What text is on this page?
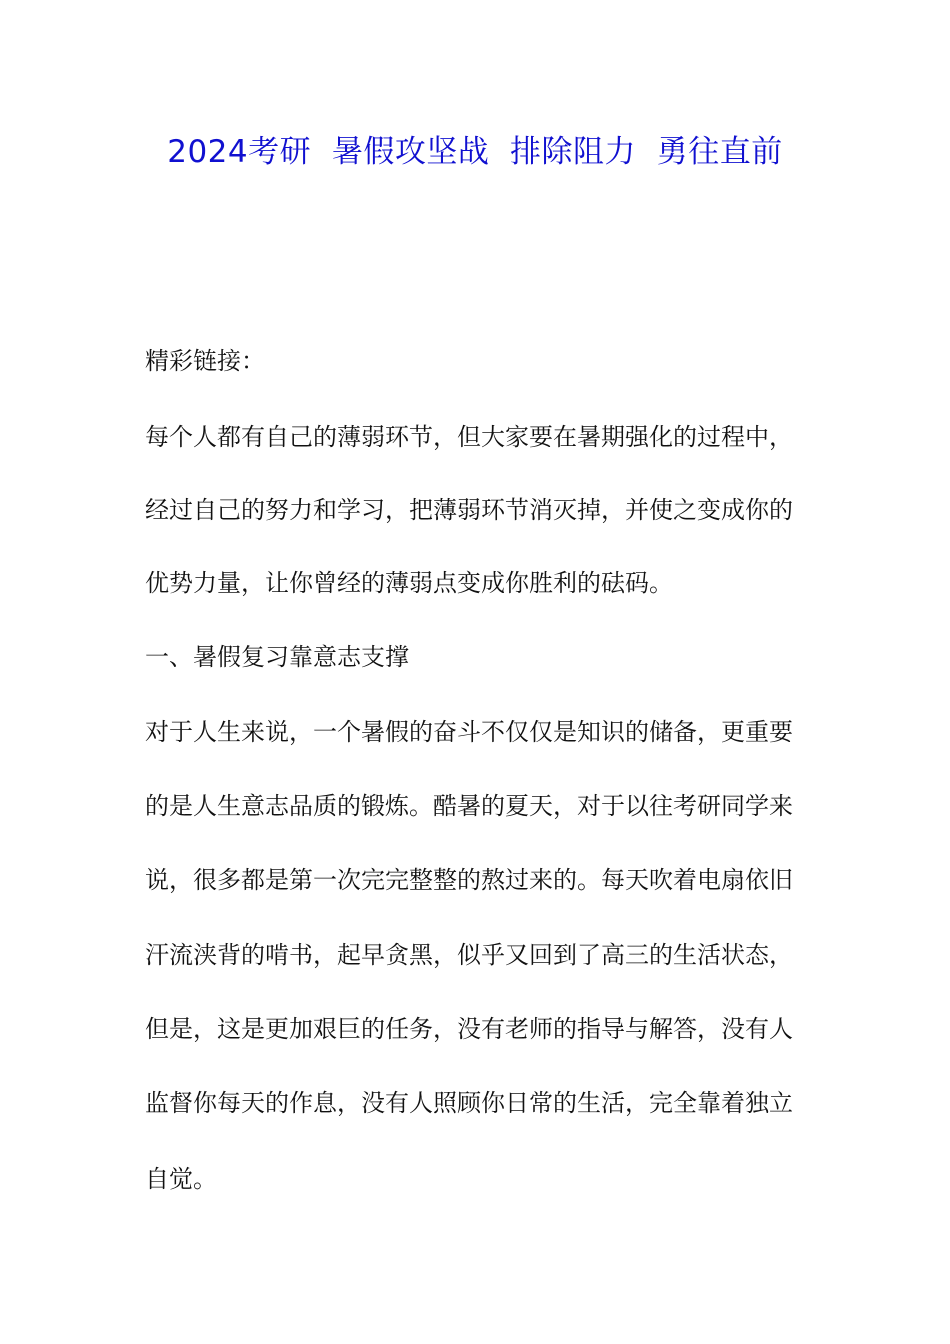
2024考研  暑假攻坚战  排除阻力  勇往直前

精彩链接：

每个人都有自己的薄弱环节，但大家要在暑期强化的过程中，

经过自己的努力和学习，把薄弱环节消灭掉，并使之变成你的

优势力量，让你曾经的薄弱点变成你胜利的砝码。

一、暑假复习靠意志支撑

对于人生来说，一个暑假的奋斗不仅仅是知识的储备，更重要

的是人生意志品质的锻炼。酷暑的夏天，对于以往考研同学来

说，很多都是第一次完完整整的熬过来的。每天吹着电扇依旧

汗流浃背的啃书，起早贪黑，似乎又回到了高三的生活状态，

但是，这是更加艰巨的任务，没有老师的指导与解答，没有人

监督你每天的作息，没有人照顾你日常的生活，完全靠着独立

自觉。
